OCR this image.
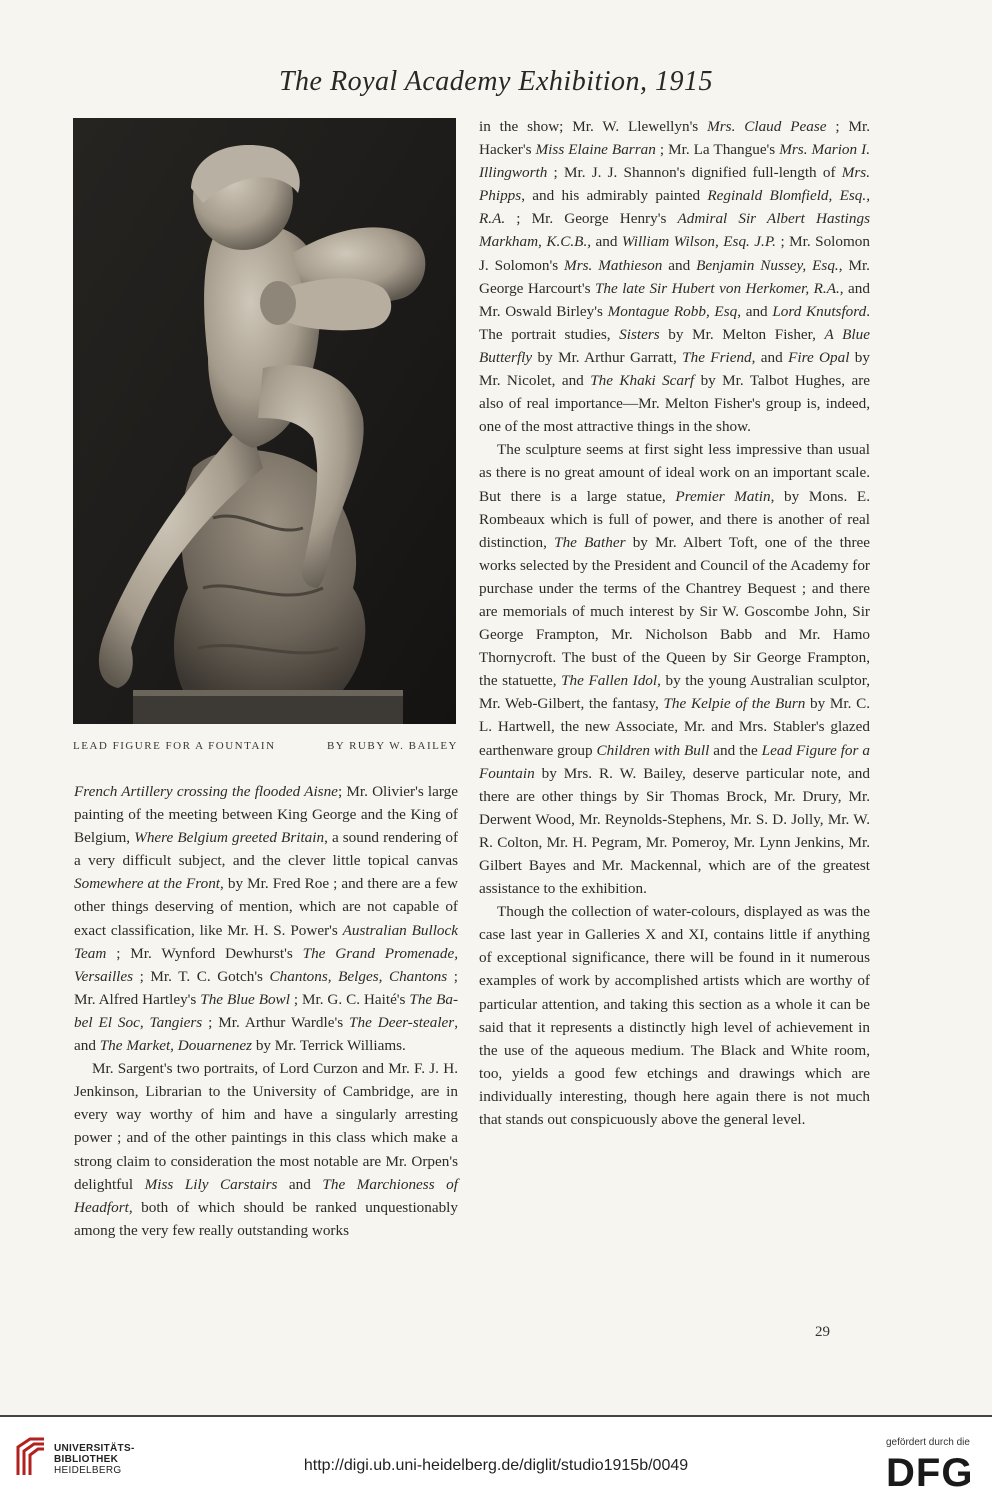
The Royal Academy Exhibition, 1915
LEAD FIGURE FOR A FOUNTAIN	BY RUBY W. BAILEY

French Artillery crossing the flooded Aisne; Mr. Olivier's large painting of the meeting between King George and the King of Belgium, Where Belgium greeted Britain, a sound rendering of a very difficult subject, and the clever little topical canvas Somewhere at the Front, by Mr. Fred Roe ; and there are a few other things deserving of mention, which are not capable of exact classification, like Mr. H. S. Power's Australian Bullock Team ; Mr. Wynford Dewhurst's The Grand Promenade, Versailles ; Mr. T. C. Gotch's Chantons, Belges, Chantons ; Mr. Alfred Hartley's The Blue Bowl ; Mr. G. C. Haité's The Ba-bel El Soc, Tangiers ; Mr. Arthur Wardle's The Deer-stealer, and The Market, Douarnenez by Mr. Terrick Williams.

Mr. Sargent's two portraits, of Lord Curzon and Mr. F. J. H. Jenkinson, Librarian to the University of Cambridge, are in every way worthy of him and have a singularly arresting power ; and of the other paintings in this class which make a strong claim to consideration the most notable are Mr. Orpen's delightful Miss Lily Carstairs and The Marchioness of Headfort, both of which should be ranked unquestionably among the very few really outstanding works

in the show; Mr. W. Llewellyn's Mrs. Claud Pease ; Mr. Hacker's Miss Elaine Barran ; Mr. La Thangue's Mrs. Marion I. Illingworth ; Mr. J. J. Shannon's dignified full-length of Mrs. Phipps, and his admirably painted Reginald Blomfield, Esq., R.A. ; Mr. George Henry's Admiral Sir Albert Hastings Markham, K.C.B., and William Wilson, Esq. J.P. ; Mr. Solomon J. Solomon's Mrs. Mathieson and Benjamin Nussey, Esq., Mr. George Harcourt's The late Sir Hubert von Herkomer, R.A., and Mr. Oswald Birley's Montague Robb, Esq, and Lord Knutsford. The portrait studies, Sisters by Mr. Melton Fisher, A Blue Butterfly by Mr. Arthur Garratt, The Friend, and Fire Opal by Mr. Nicolet, and The Khaki Scarf by Mr. Talbot Hughes, are also of real importance—Mr. Melton Fisher's group is, indeed, one of the most attractive things in the show.

The sculpture seems at first sight less impressive than usual as there is no great amount of ideal work on an important scale. But there is a large statue, Premier Matin, by Mons. E. Rombeaux which is full of power, and there is another of real distinction, The Bather by Mr. Albert Toft, one of the three works selected by the President and Council of the Academy for purchase under the terms of the Chantrey Bequest ; and there are memorials of much interest by Sir W. Goscombe John, Sir George Frampton, Mr. Nicholson Babb and Mr. Hamo Thornycroft. The bust of the Queen by Sir George Frampton, the statuette, The Fallen Idol, by the young Australian sculptor, Mr. Web-Gilbert, the fantasy, The Kelpie of the Burn by Mr. C. L. Hartwell, the new Associate, Mr. and Mrs. Stabler's glazed earthenware group Children with Bull and the Lead Figure for a Fountain by Mrs. R. W. Bailey, deserve particular note, and there are other things by Sir Thomas Brock, Mr. Drury, Mr. Derwent Wood, Mr. Reynolds-Stephens, Mr. S. D. Jolly, Mr. W. R. Colton, Mr. H. Pegram, Mr. Pomeroy, Mr. Lynn Jenkins, Mr. Gilbert Bayes and Mr. Mackennal, which are of the greatest assistance to the exhibition.

Though the collection of water-colours, displayed as was the case last year in Galleries X and XI, contains little if anything of exceptional significance, there will be found in it numerous examples of work by accomplished artists which are worthy of particular attention, and taking this section as a whole it can be said that it represents a distinctly high level of achievement in the use of the aqueous medium. The Black and White room, too, yields a good few etchings and drawings which are individually interesting, though here again there is not much that stands out conspicuously above the general level.

29
UNIVERSITÄTS-
BIBLIOTHEK
HEIDELBERG	http://digi.ub.uni-heidelberg.de/diglit/studio1915b/0049
gefördert durch die
DFG
